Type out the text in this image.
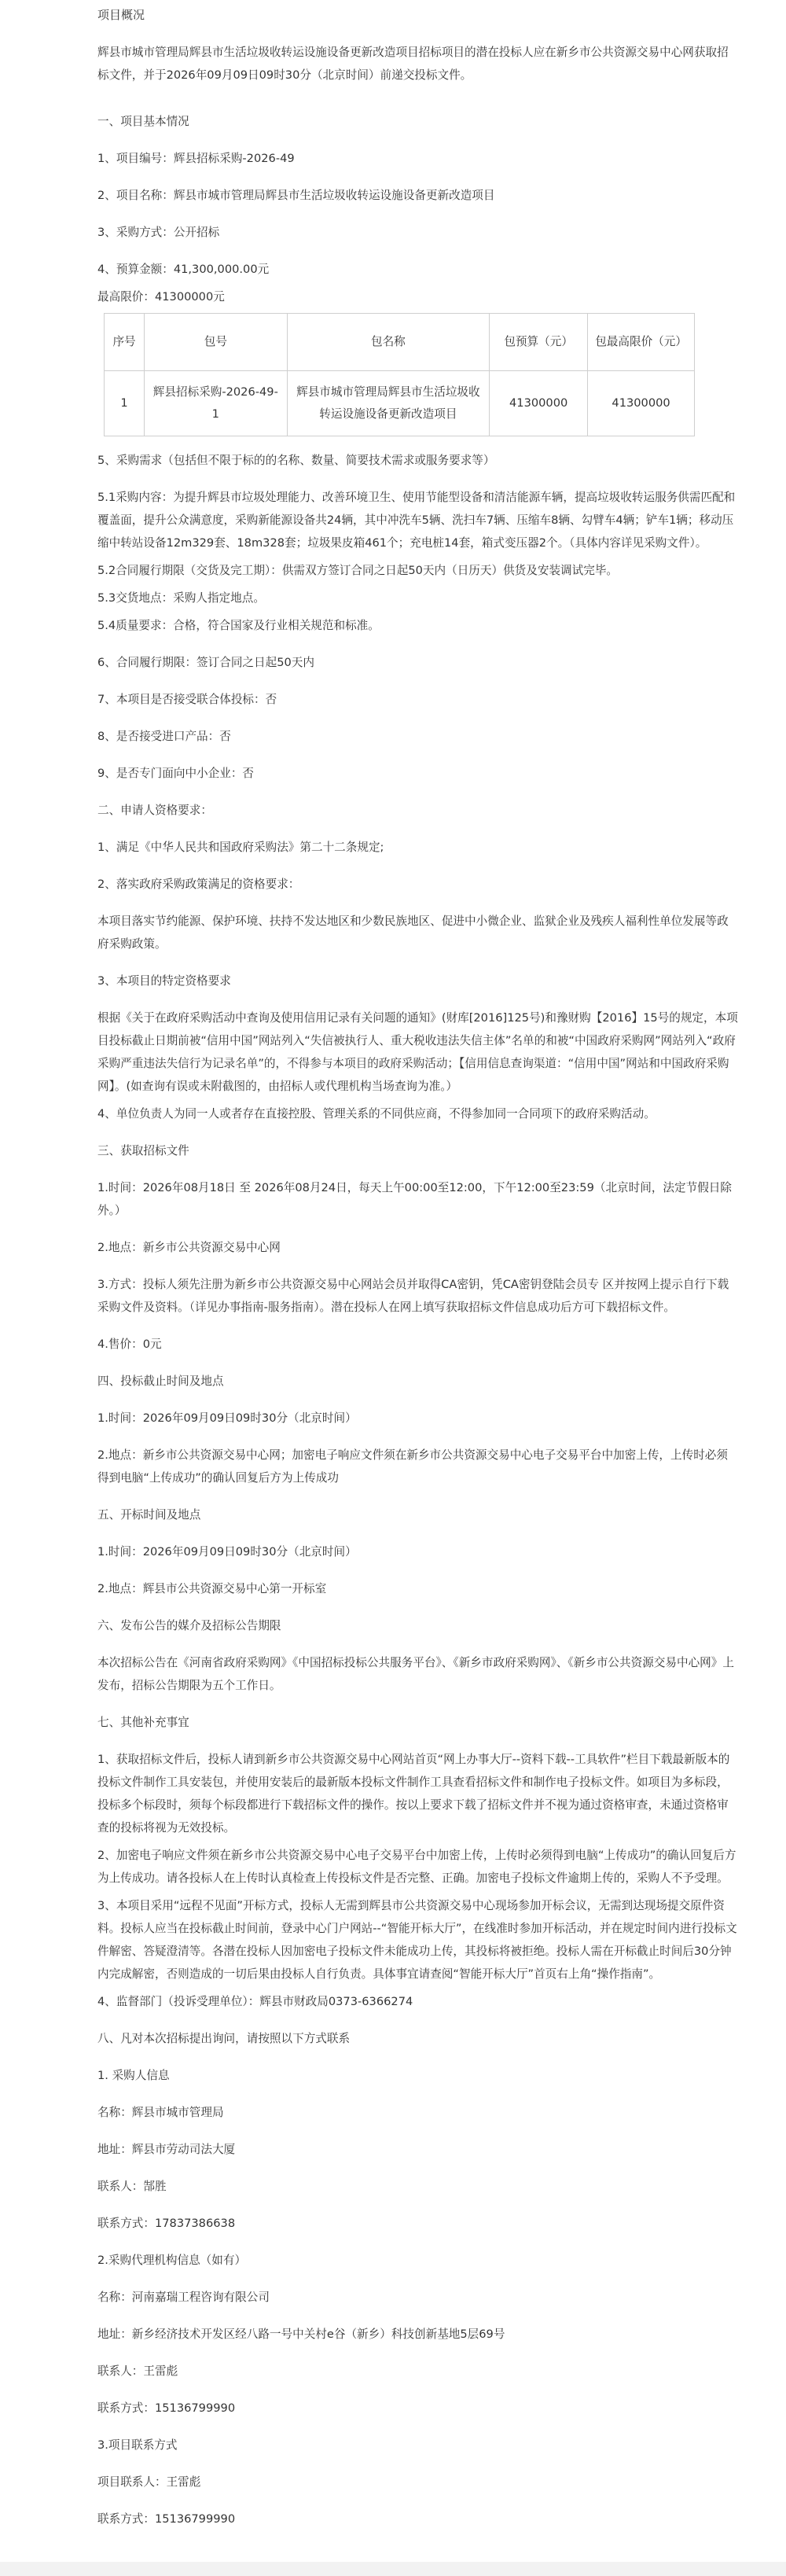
项目概况

辉县市城市管理局辉县市生活垃圾收转运设施设备更新改造项目招标项目的潜在投标人应在新乡市公共资源交易中心网获取招标文件，并于2026年09月09日09时30分（北京时间）前递交投标文件。

一、项目基本情况

1、项目编号：辉县招标采购-2026-49

2、项目名称：辉县市城市管理局辉县市生活垃圾收转运设施设备更新改造项目

3、采购方式：公开招标

4、预算金额：41,300,000.00元

最高限价：41300000元

序号	包号	包名称	包预算（元）	包最高限价（元）
1	辉县招标采购-2026-49-1	辉县市城市管理局辉县市生活垃圾收转运设施设备更新改造项目	41300000	41300000

5、采购需求（包括但不限于标的的名称、数量、简要技术需求或服务要求等）

5.1采购内容：为提升辉县市垃圾处理能力、改善环境卫生、使用节能型设备和清洁能源车辆，提高垃圾收转运服务供需匹配和覆盖面，提升公众满意度，采购新能源设备共24辆，其中冲洗车5辆、洗扫车7辆、压缩车8辆、勾臂车4辆；铲车1辆；移动压缩中转站设备12m329套、18m328套；垃圾果皮箱461个；充电桩14套，箱式变压器2个。（具体内容详见采购文件）。

5.2合同履行期限（交货及完工期）：供需双方签订合同之日起50天内（日历天）供货及安装调试完毕。

5.3交货地点：采购人指定地点。

5.4质量要求：合格，符合国家及行业相关规范和标准。

6、合同履行期限：签订合同之日起50天内

7、本项目是否接受联合体投标：否

8、是否接受进口产品：否

9、是否专门面向中小企业：否

二、申请人资格要求：

1、满足《中华人民共和国政府采购法》第二十二条规定;

2、落实政府采购政策满足的资格要求：

本项目落实节约能源、保护环境、扶持不发达地区和少数民族地区、促进中小微企业、监狱企业及残疾人福利性单位发展等政府采购政策。

3、本项目的特定资格要求

根据《关于在政府采购活动中查询及使用信用记录有关问题的通知》(财库[2016]125号)和豫财购【2016】15号的规定，本项目投标截止日期前被“信用中国”网站列入“失信被执行人、重大税收违法失信主体”名单的和被“中国政府采购网”网站列入“政府采购严重违法失信行为记录名单”的，不得参与本项目的政府采购活动；【信用信息查询渠道：“信用中国”网站和中国政府采购网】。(如查询有误或未附截图的，由招标人或代理机构当场查询为准。）

4、单位负责人为同一人或者存在直接控股、管理关系的不同供应商，不得参加同一合同项下的政府采购活动。

三、获取招标文件

1.时间：2026年08月18日 至 2026年08月24日，每天上午00:00至12:00，下午12:00至23:59（北京时间，法定节假日除外。）

2.地点：新乡市公共资源交易中心网

3.方式：投标人须先注册为新乡市公共资源交易中心网站会员并取得CA密钥，凭CA密钥登陆会员专 区并按网上提示自行下载采购文件及资料。（详见办事指南-服务指南）。潜在投标人在网上填写获取招标文件信息成功后方可下载招标文件。

4.售价：0元

四、投标截止时间及地点

1.时间：2026年09月09日09时30分（北京时间）

2.地点：新乡市公共资源交易中心网；加密电子响应文件须在新乡市公共资源交易中心电子交易平台中加密上传，上传时必须得到电脑“上传成功”的确认回复后方为上传成功

五、开标时间及地点

1.时间：2026年09月09日09时30分（北京时间）

2.地点：辉县市公共资源交易中心第一开标室

六、发布公告的媒介及招标公告期限

本次招标公告在《河南省政府采购网》《中国招标投标公共服务平台》、《新乡市政府采购网》、《新乡市公共资源交易中心网》上发布，招标公告期限为五个工作日。

七、其他补充事宜

1、获取招标文件后，投标人请到新乡市公共资源交易中心网站首页“网上办事大厅--资料下载--工具软件”栏目下载最新版本的投标文件制作工具安装包，并使用安装后的最新版本投标文件制作工具查看招标文件和制作电子投标文件。如项目为多标段，投标多个标段时，须每个标段都进行下载招标文件的操作。按以上要求下载了招标文件并不视为通过资格审查，未通过资格审查的投标将视为无效投标。

2、加密电子响应文件须在新乡市公共资源交易中心电子交易平台中加密上传，上传时必须得到电脑“上传成功”的确认回复后方为上传成功。请各投标人在上传时认真检查上传投标文件是否完整、正确。加密电子投标文件逾期上传的，采购人不予受理。

3、本项目采用“远程不见面”开标方式，投标人无需到辉县市公共资源交易中心现场参加开标会议，无需到达现场提交原件资料。投标人应当在投标截止时间前，登录中心门户网站--“智能开标大厅”，在线准时参加开标活动，并在规定时间内进行投标文件解密、答疑澄清等。各潜在投标人因加密电子投标文件未能成功上传，其投标将被拒绝。投标人需在开标截止时间后30分钟内完成解密，否则造成的一切后果由投标人自行负责。具体事宜请查阅“智能开标大厅”首页右上角“操作指南”。

4、监督部门（投诉受理单位）：辉县市财政局0373-6366274

八、凡对本次招标提出询问，请按照以下方式联系

1. 采购人信息

名称：辉县市城市管理局

地址：辉县市劳动司法大厦

联系人：郜胜

联系方式：17837386638

2.采购代理机构信息（如有）

名称：河南嘉瑞工程咨询有限公司

地址：新乡经济技术开发区经八路一号中关村e谷（新乡）科技创新基地5层69号

联系人：王雷彪

联系方式：15136799990

3.项目联系方式

项目联系人：王雷彪

联系方式：15136799990
